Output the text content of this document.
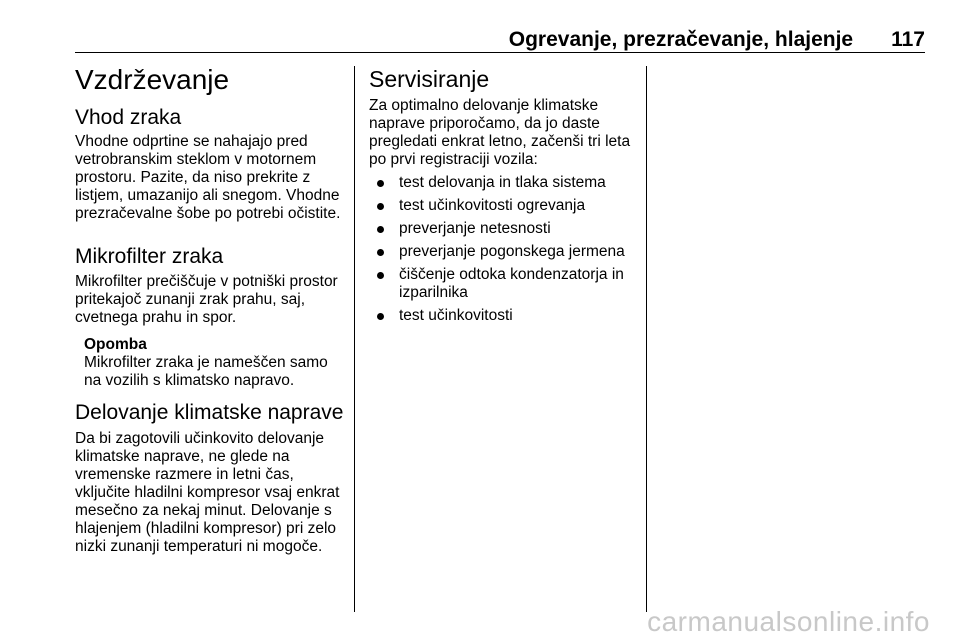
Ogrevanje, prezračevanje, hlajenje 117
Vzdrževanje
Vhod zraka

Vhodne odprtine se nahajajo pred vetrobranskim steklom v motornem prostoru. Pazite, da niso prekrite z listjem, umazanijo ali snegom. Vhodne prezračevalne šobe po potrebi očistite.

Mikrofilter zraka

Mikrofilter prečiščuje v potniški prostor pritekajoč zunanji zrak prahu, saj, cvetnega prahu in spor.

Opomba

Mikrofilter zraka je nameščen samo na vozilih s klimatsko napravo.

Delovanje klimatske naprave

Da bi zagotovili učinkovito delovanje klimatske naprave, ne glede na vremenske razmere in letni čas, vključite hladilni kompresor vsaj enkrat mesečno za nekaj minut. Delovanje s hlajenjem (hladilni kompresor) pri zelo nizki zunanji temperaturi ni mogoče.

Servisiranje

Za optimalno delovanje klimatske naprave priporočamo, da jo daste pregledati enkrat letno, začenši tri leta po prvi registraciji vozila:

test delovanja in tlaka sistema
test učinkovitosti ogrevanja
preverjanje netesnosti
preverjanje pogonskega jermena
čiščenje odtoka kondenzatorja in izparilnika
test učinkovitosti
carmanualsonline.info
